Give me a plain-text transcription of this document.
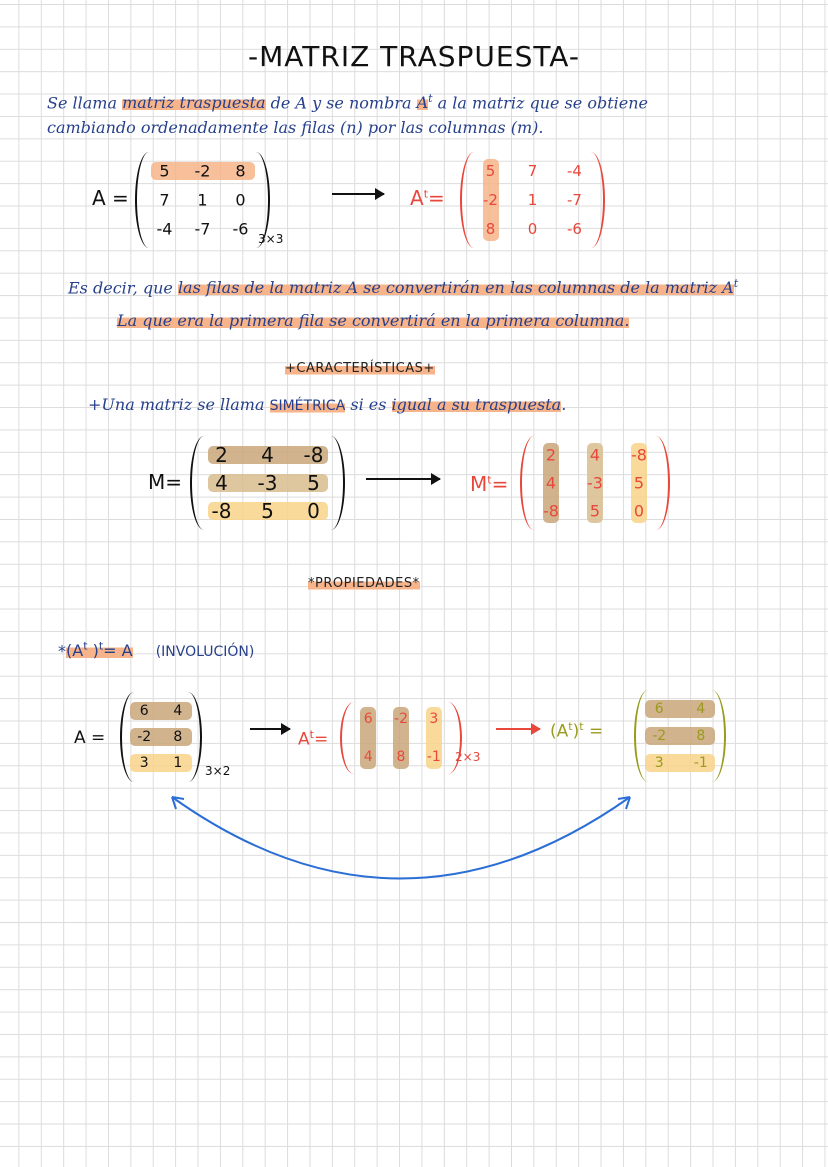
-MATRIZ TRASPUESTA-
Se llama matriz traspuesta de A y se nombra $A^t$ a la matriz que se obtiene
cambiando ordenadamente las filas (n) por las columnas (m).
A =
3×3
$A^t=$
Es decir, que las filas de la matriz A se convertirán en las columnas de la matriz $A^t$
La que era la primera fila se convertirá en la primera columna.
+CARACTERÍSTICAS+
+Una matriz se llama SIMÉTRICA si es igual a su traspuesta.
M=	$M^t=$
*PROPIEDADES*
$*(A^t$ )$^t$= A (INVOLUCIÓN)
A =
3×2
$A^t=$
2×3
$(A^t)^t$ =
5 -2 8
7 1 0
-4 -7 -6
5 7 -4
-2 1 -7
8 0 -6
2 4 -8
4 -3 5
-8 5 0
2 4 -8
4 -3 5
-8 5 0
6 4
-2 8
3 1
6 -2 3
4 8 -1
6 4
-2 8
3 -1
